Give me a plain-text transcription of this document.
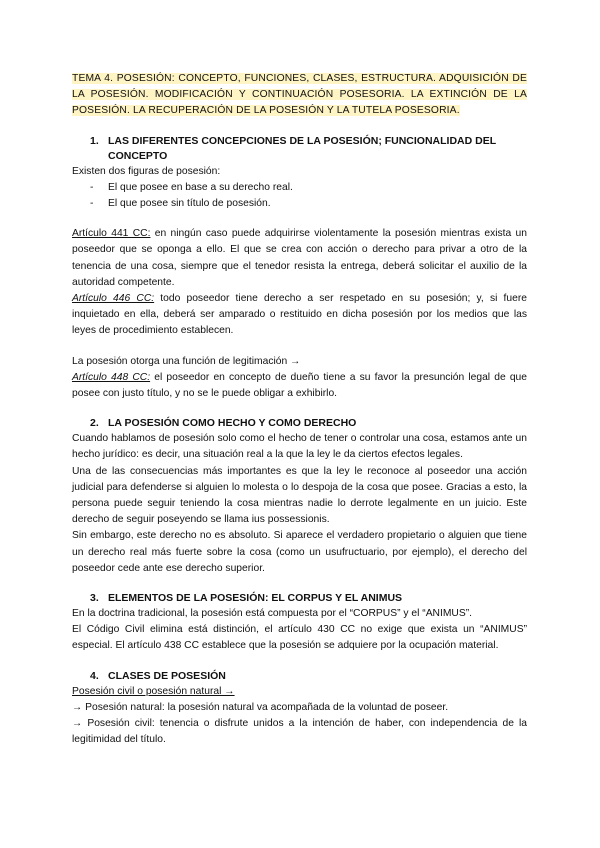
TEMA 4. POSESIÓN: CONCEPTO, FUNCIONES, CLASES, ESTRUCTURA. ADQUISICIÓN DE LA POSESIÓN. MODIFICACIÓN Y CONTINUACIÓN POSESORIA. LA EXTINCIÓN DE LA POSESIÓN. LA RECUPERACIÓN DE LA POSESIÓN Y LA TUTELA POSESORIA.
1. LAS DIFERENTES CONCEPCIONES DE LA POSESIÓN; FUNCIONALIDAD DEL CONCEPTO

Existen dos figuras de posesión:

-	El que posee en base a su derecho real.
-	El que posee sin título de posesión.

Artículo 441 CC: en ningún caso puede adquirirse violentamente la posesión mientras exista un poseedor que se oponga a ello. El que se crea con acción o derecho para privar a otro de la tenencia de una cosa, siempre que el tenedor resista la entrega, deberá solicitar el auxilio de la autoridad competente.

Artículo 446 CC: todo poseedor tiene derecho a ser respetado en su posesión; y, si fuere inquietado en ella, deberá ser amparado o restituido en dicha posesión por los medios que las leyes de procedimiento establecen.

La posesión otorga una función de legitimación →

Artículo 448 CC: el poseedor en concepto de dueño tiene a su favor la presunción legal de que posee con justo título, y no se le puede obligar a exhibirlo.

2. LA POSESIÓN COMO HECHO Y COMO DERECHO

Cuando hablamos de posesión solo como el hecho de tener o controlar una cosa, estamos ante un hecho jurídico: es decir, una situación real a la que la ley le da ciertos efectos legales.

Una de las consecuencias más importantes es que la ley le reconoce al poseedor una acción judicial para defenderse si alguien lo molesta o lo despoja de la cosa que posee. Gracias a esto, la persona puede seguir teniendo la cosa mientras nadie lo derrote legalmente en un juicio. Este derecho de seguir poseyendo se llama ius possessionis.

Sin embargo, este derecho no es absoluto. Si aparece el verdadero propietario o alguien que tiene un derecho real más fuerte sobre la cosa (como un usufructuario, por ejemplo), el derecho del poseedor cede ante ese derecho superior.

3. ELEMENTOS DE LA POSESIÓN: EL CORPUS Y EL ANIMUS

En la doctrina tradicional, la posesión está compuesta por el “CORPUS” y el “ANIMUS”.

El Código Civil elimina está distinción, el artículo 430 CC no exige que exista un “ANIMUS” especial. El artículo 438 CC establece que la posesión se adquiere por la ocupación material.

4. CLASES DE POSESIÓN

Posesión civil o posesión natural →

→ Posesión natural: la posesión natural va acompañada de la voluntad de poseer.

→ Posesión civil: tenencia o disfrute unidos a la intención de haber, con independencia de la legitimidad del título.
